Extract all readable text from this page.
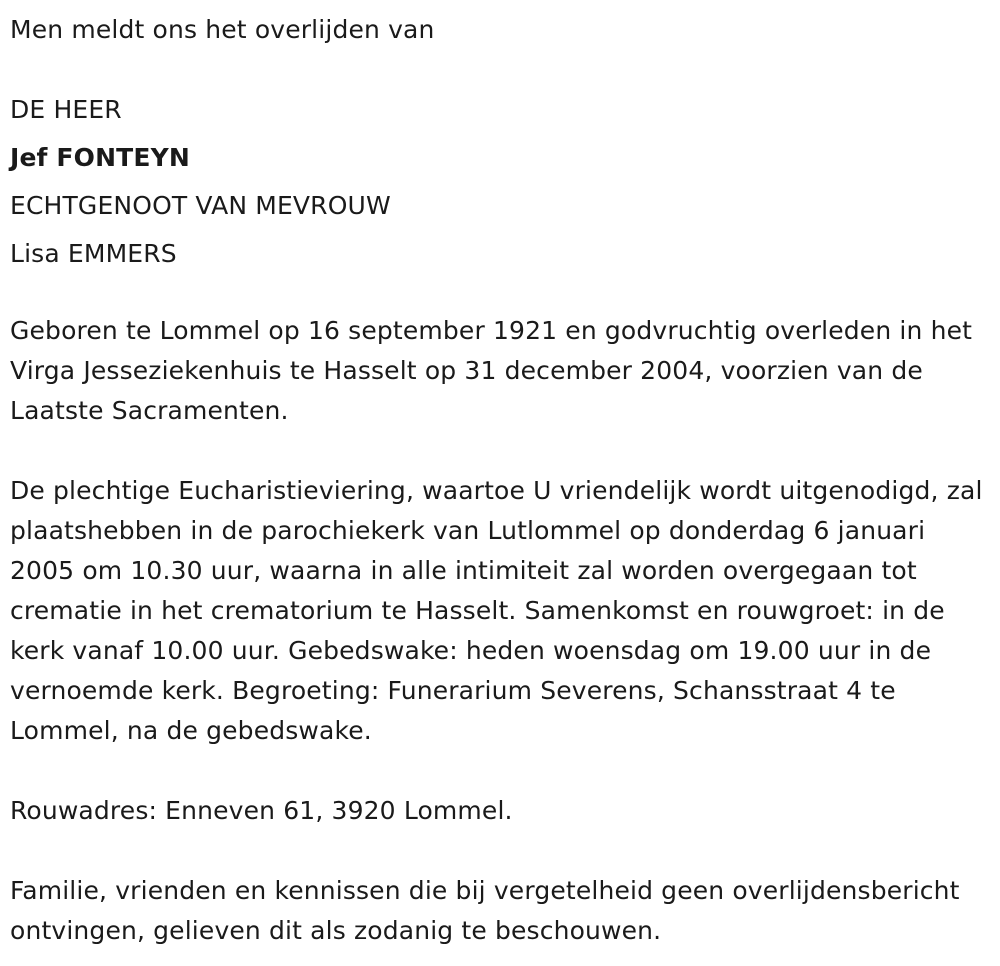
Men meldt ons het overlijden van
DE HEER
Jef FONTEYN
ECHTGENOOT VAN MEVROUW
Lisa EMMERS

Geboren te Lommel op 16 september 1921 en godvruchtig overleden in het Virga Jesseziekenhuis te Hasselt op 31 december 2004, voorzien van de Laatste Sacramenten.

De plechtige Eucharistieviering, waartoe U vriendelijk wordt uitgenodigd, zal plaatshebben in de parochiekerk van Lutlommel op donderdag 6 januari 2005 om 10.30 uur, waarna in alle intimiteit zal worden overgegaan tot crematie in het crematorium te Hasselt. Samenkomst en rouwgroet: in de kerk vanaf 10.00 uur. Gebedswake: heden woensdag om 19.00 uur in de vernoemde kerk. Begroeting: Funerarium Severens, Schansstraat 4 te Lommel, na de gebedswake.

Rouwadres: Enneven 61, 3920 Lommel.

Familie, vrienden en kennissen die bij vergetelheid geen overlijdensbericht ontvingen, gelieven dit als zodanig te beschouwen.
